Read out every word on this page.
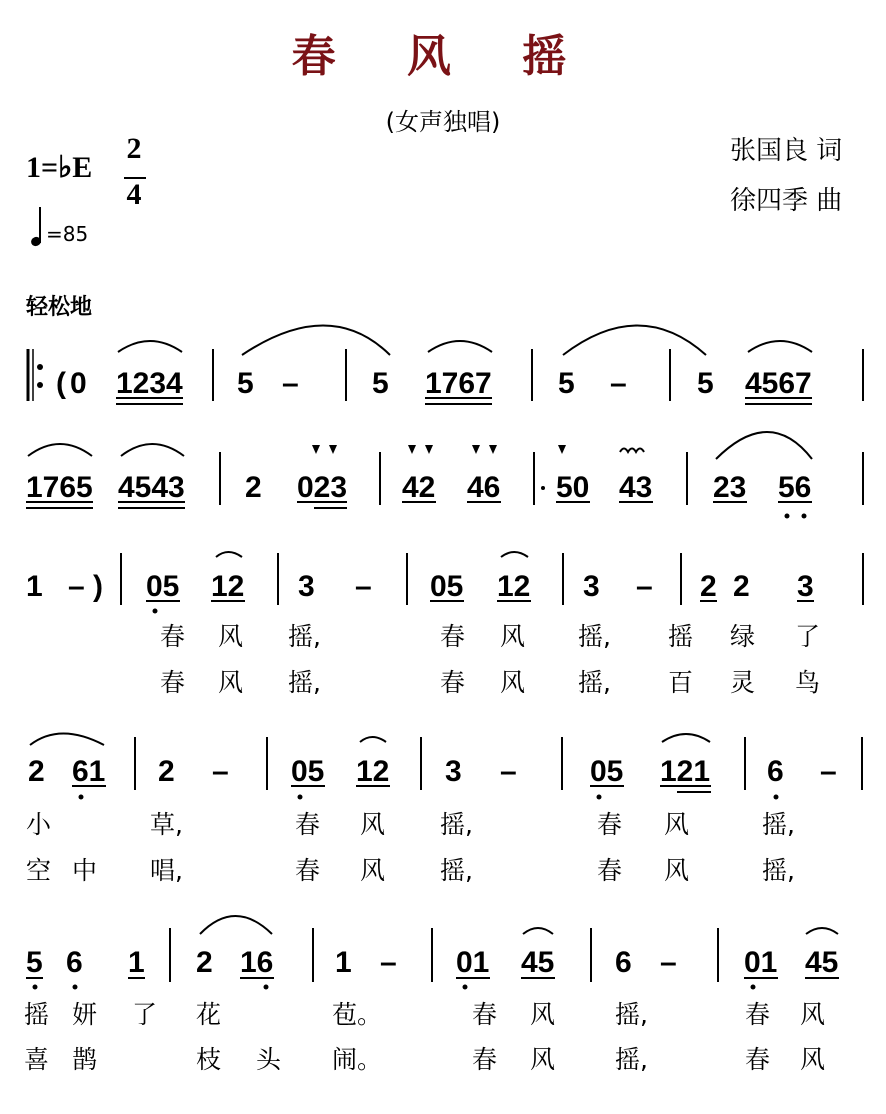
春 风 摇
(女声独唱)
张国良 词
徐四季 曲
1=♭E
2
4
=85
轻松地
0 1234 5 – 5 1767 5 – 5 4567
(
1765 4543 2 023 42 46 50 43 23 56
1 – 05 12 3 – 05 12 3 – 2 2 3
)
2 61 2 – 05 12 3 – 05 121 6 –
5 6 1 2 16 1 – 01 45 6 – 01 45
春 风 摇,	春 风 摇, 摇 绿 了
春 风 摇,	春 风 摇, 百 灵 鸟
小	草,	春 风 摇,	春 风	摇,
空 中 唱,	春 风 摇,	春 风	摇,
摇 妍 了 花	苞。	春 风 摇,	春 风
喜 鹊	枝 头 闹。	春 风 摇,	春 风
